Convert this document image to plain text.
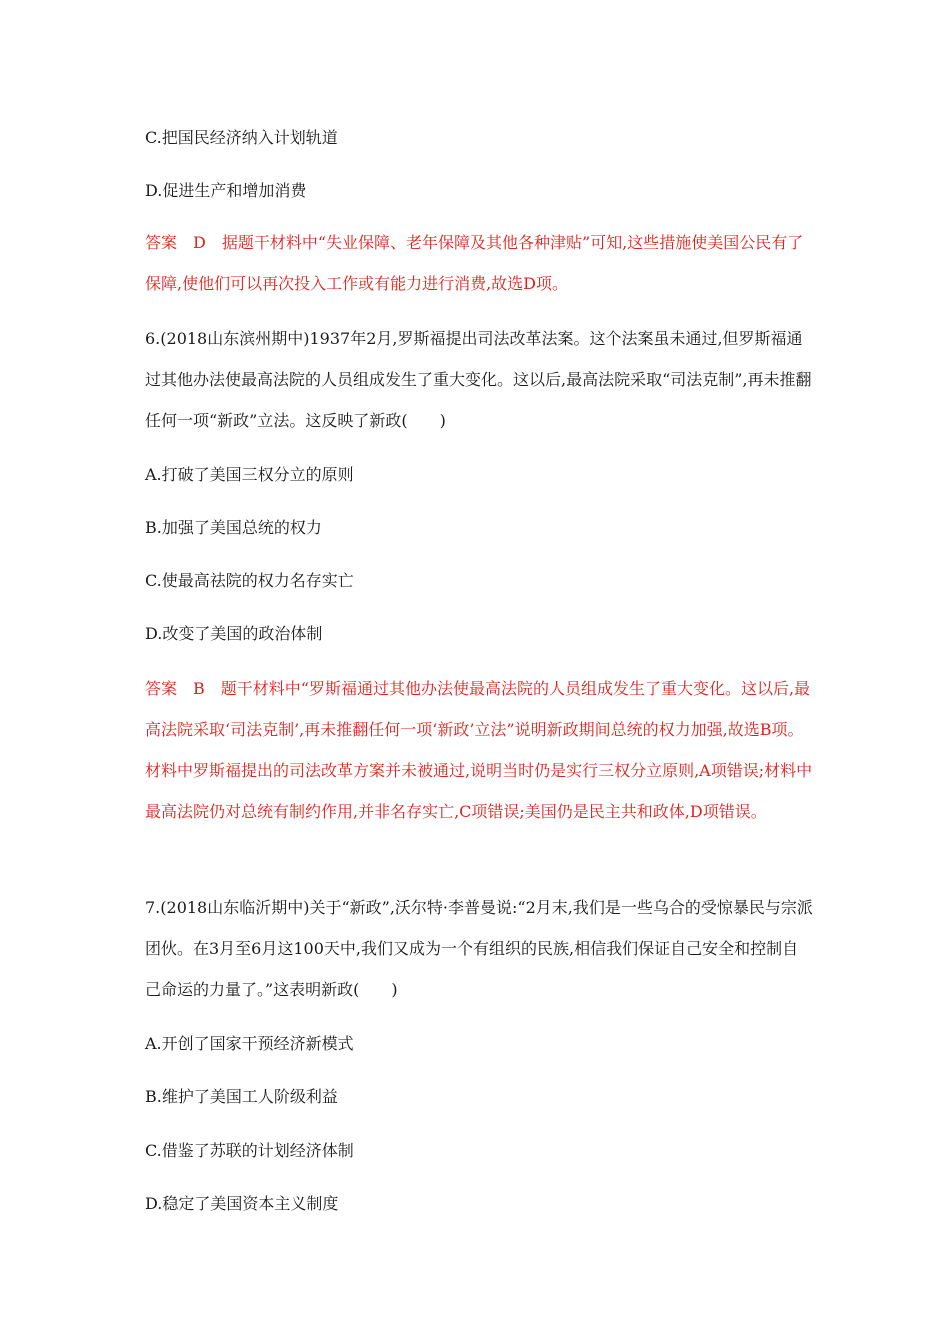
C.把国民经济纳入计划轨道
D.促进生产和增加消费
答案　D　据题干材料中“失业保障、老年保障及其他各种津贴”可知,这些措施使美国公民有了保障,使他们可以再次投入工作或有能力进行消费,故选D项。
6.(2018山东滨州期中)1937年2月,罗斯福提出司法改革法案。这个法案虽未通过,但罗斯福通过其他办法使最高法院的人员组成发生了重大变化。这以后,最高法院采取“司法克制”,再未推翻任何一项“新政”立法。这反映了新政(　　)
A.打破了美国三权分立的原则
B.加强了美国总统的权力
C.使最高祛院的权力名存实亡
D.改变了美国的政治体制
答案　B　题干材料中“罗斯福通过其他办法使最高法院的人员组成发生了重大变化。这以后,最高法院采取‘司法克制’,再未推翻任何一项‘新政’立法”说明新政期间总统的权力加强,故选B项。材料中罗斯福提出的司法改革方案并未被通过,说明当时仍是实行三权分立原则,A项错误;材料中最高法院仍对总统有制约作用,并非名存实亡,C项错误;美国仍是民主共和政体,D项错误。
7.(2018山东临沂期中)关于“新政”,沃尔特·李普曼说:“2月末,我们是一些乌合的受惊暴民与宗派团伙。在3月至6月这100天中,我们又成为一个有组织的民族,相信我们保证自己安全和控制自己命运的力量了。”这表明新政(　　)
A.开创了国家干预经济新模式
B.维护了美国工人阶级利益
C.借鉴了苏联的计划经济体制
D.稳定了美国资本主义制度
